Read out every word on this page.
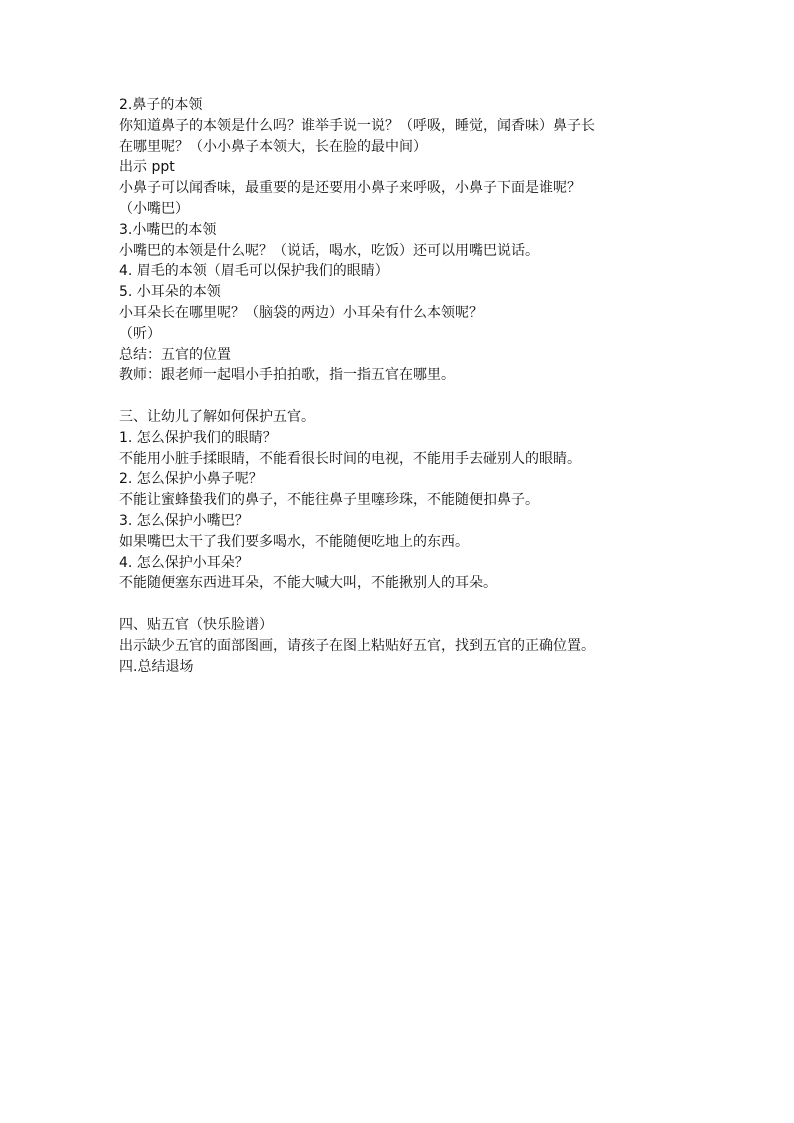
2.鼻子的本领
你知道鼻子的本领是什么吗？谁举手说一说？（呼吸，睡觉，闻香味）鼻子长
在哪里呢？（小小鼻子本领大，长在脸的最中间）
出示 ppt
小鼻子可以闻香味，最重要的是还要用小鼻子来呼吸，小鼻子下面是谁呢？
（小嘴巴）
3.小嘴巴的本领
小嘴巴的本领是什么呢？（说话，喝水，吃饭）还可以用嘴巴说话。
4. 眉毛的本领（眉毛可以保护我们的眼睛）
5. 小耳朵的本领
小耳朵长在哪里呢？（脑袋的两边）小耳朵有什么本领呢？
（听）
总结：五官的位置
教师：跟老师一起唱小手拍拍歌，指一指五官在哪里。
三、让幼儿了解如何保护五官。
1. 怎么保护我们的眼睛？
不能用小脏手揉眼睛，不能看很长时间的电视，不能用手去碰别人的眼睛。
2. 怎么保护小鼻子呢？
不能让蜜蜂蛰我们的鼻子，不能往鼻子里噻珍珠，不能随便扣鼻子。
3. 怎么保护小嘴巴？
如果嘴巴太干了我们要多喝水，不能随便吃地上的东西。
4. 怎么保护小耳朵？
不能随便塞东西进耳朵，不能大喊大叫，不能揪别人的耳朵。
四、贴五官（快乐脸谱）
出示缺少五官的面部图画，请孩子在图上粘贴好五官，找到五官的正确位置。
四.总结退场
